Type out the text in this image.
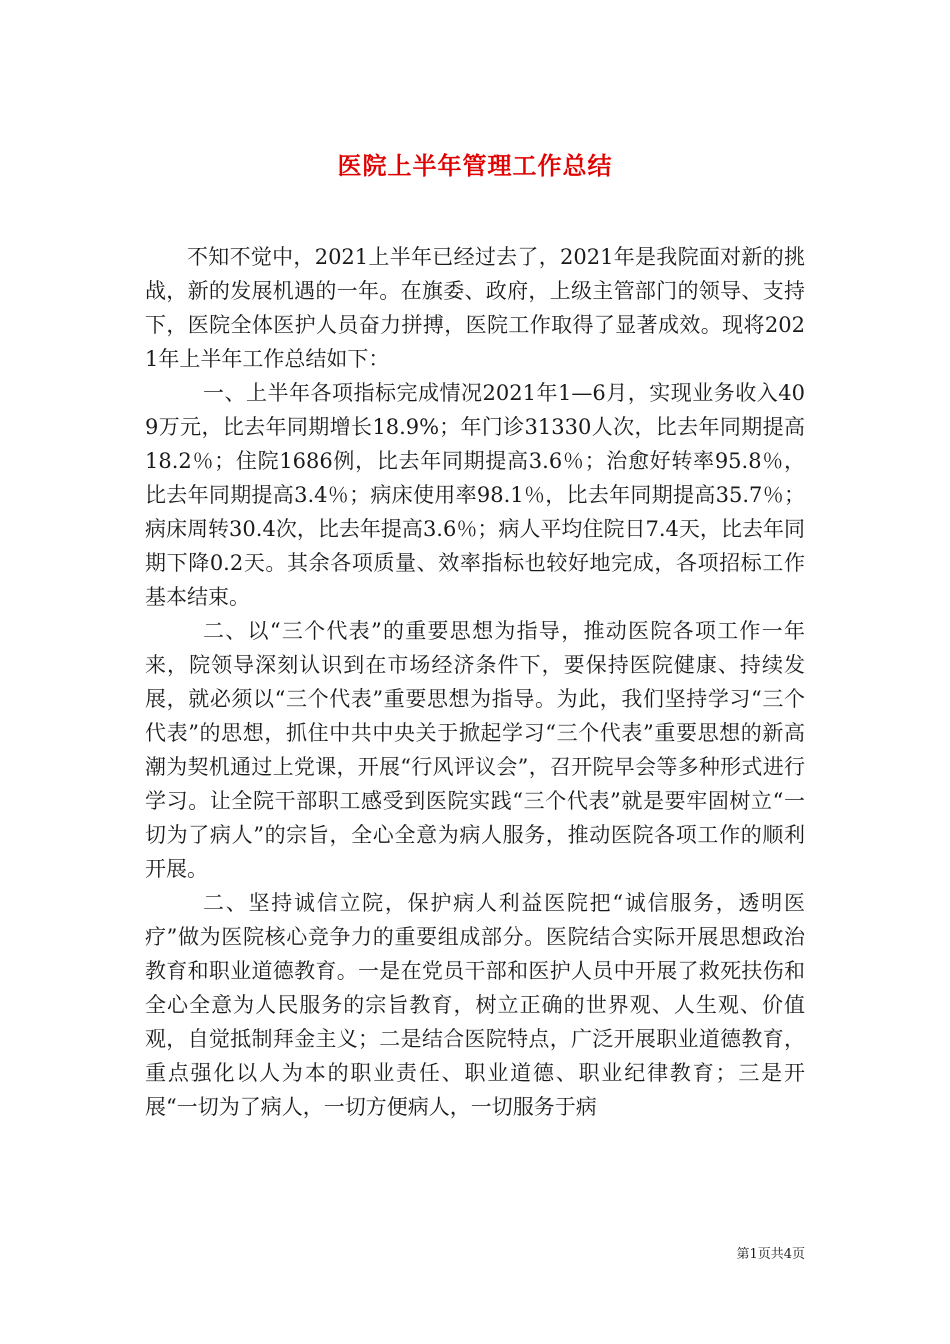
医院上半年管理工作总结

不知不觉中，2021上半年已经过去了，2021年是我院面对新的挑战，新的发展机遇的一年。在旗委、政府，上级主管部门的领导、支持下，医院全体医护人员奋力拼搏，医院工作取得了显著成效。现将2021年上半年工作总结如下：

一、上半年各项指标完成情况2021年1—6月，实现业务收入409万元，比去年同期增长18.9%；年门诊31330人次，比去年同期提高18.2％；住院1686例，比去年同期提高3.6％；治愈好转率95.8％，比去年同期提高3.4％；病床使用率98.1％，比去年同期提高35.7％；病床周转30.4次，比去年提高3.6％；病人平均住院日7.4天，比去年同期下降0.2天。其余各项质量、效率指标也较好地完成，各项招标工作基本结束。

二、以“三个代表”的重要思想为指导，推动医院各项工作一年来，院领导深刻认识到在市场经济条件下，要保持医院健康、持续发展，就必须以“三个代表”重要思想为指导。为此，我们坚持学习“三个代表”的思想，抓住中共中央关于掀起学习“三个代表”重要思想的新高潮为契机通过上党课，开展“行风评议会”，召开院早会等多种形式进行学习。让全院干部职工感受到医院实践“三个代表”就是要牢固树立“一切为了病人”的宗旨，全心全意为病人服务，推动医院各项工作的顺利开展。

二、坚持诚信立院，保护病人利益医院把“诚信服务，透明医疗”做为医院核心竞争力的重要组成部分。医院结合实际开展思想政治教育和职业道德教育。一是在党员干部和医护人员中开展了救死扶伤和全心全意为人民服务的宗旨教育，树立正确的世界观、人生观、价值观，自觉抵制拜金主义；二是结合医院特点，广泛开展职业道德教育，重点强化以人为本的职业责任、职业道德、职业纪律教育；三是开展“一切为了病人，一切方便病人，一切服务于病

第1页共4页
